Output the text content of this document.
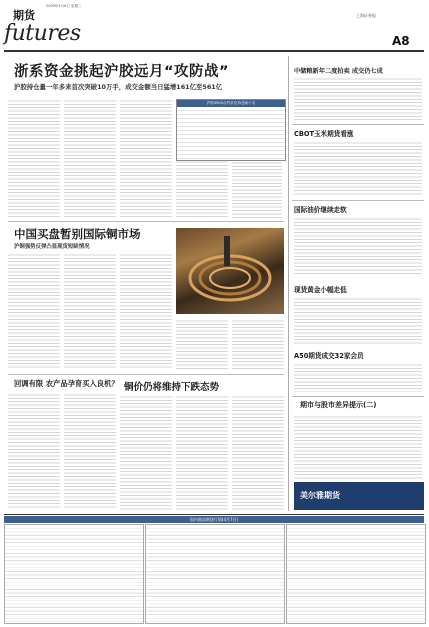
期货
futures
2009年4月8日 星期三
上海证券报
A8
浙系资金挑起沪胶远月“攻防战”
沪胶持仓量一年多来首次突破10万手，成交金额当日猛增161亿至561亿
沪胶0905合约多空持仓前十名
中国买盘暂别国际铜市场
沪铜强势反弹凸显现货短缺情况
回调有限 农产品孕育买入良机？ 铜价仍将维持下跌态势
中储粮新年二度拍卖 成交仍七成
CBOT玉米期货看涨
国际油价继续走软
现货黄金小幅走低
A50期货成交32家会员
期市与股市差异提示(二)
美尔雅期货
国内商品期货行情(4月7日)
